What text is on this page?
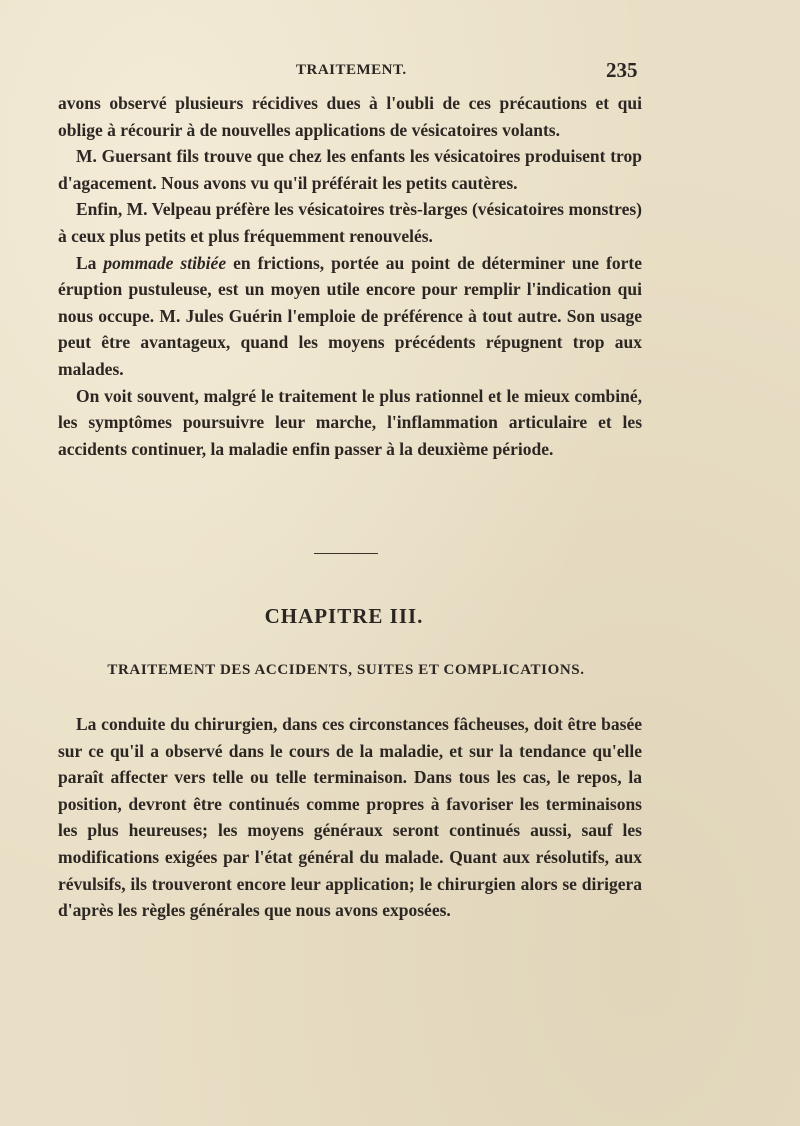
TRAITEMENT.	235

avons observé plusieurs récidives dues à l'oubli de ces précautions et qui oblige à récourir à de nouvelles applications de vésicatoires volants.

M. Guersant fils trouve que chez les enfants les vésicatoires produisent trop d'agacement. Nous avons vu qu'il préférait les petits cautères.

Enfin, M. Velpeau préfère les vésicatoires très-larges (vésicatoires monstres) à ceux plus petits et plus fréquemment renouvelés.

La pommade stibiée en frictions, portée au point de déterminer une forte éruption pustuleuse, est un moyen utile encore pour remplir l'indication qui nous occupe. M. Jules Guérin l'emploie de préférence à tout autre. Son usage peut être avantageux, quand les moyens précédents répugnent trop aux malades.

On voit souvent, malgré le traitement le plus rationnel et le mieux combiné, les symptômes poursuivre leur marche, l'inflammation articulaire et les accidents continuer, la maladie enfin passer à la deuxième période.

CHAPITRE III.
TRAITEMENT DES ACCIDENTS, SUITES ET COMPLICATIONS.

La conduite du chirurgien, dans ces circonstances fâcheuses, doit être basée sur ce qu'il a observé dans le cours de la maladie, et sur la tendance qu'elle paraît affecter vers telle ou telle terminaison. Dans tous les cas, le repos, la position, devront être continués comme propres à favoriser les terminaisons les plus heureuses; les moyens généraux seront continués aussi, sauf les modifications exigées par l'état général du malade. Quant aux résolutifs, aux révulsifs, ils trouveront encore leur application; le chirurgien alors se dirigera d'après les règles générales que nous avons exposées.
